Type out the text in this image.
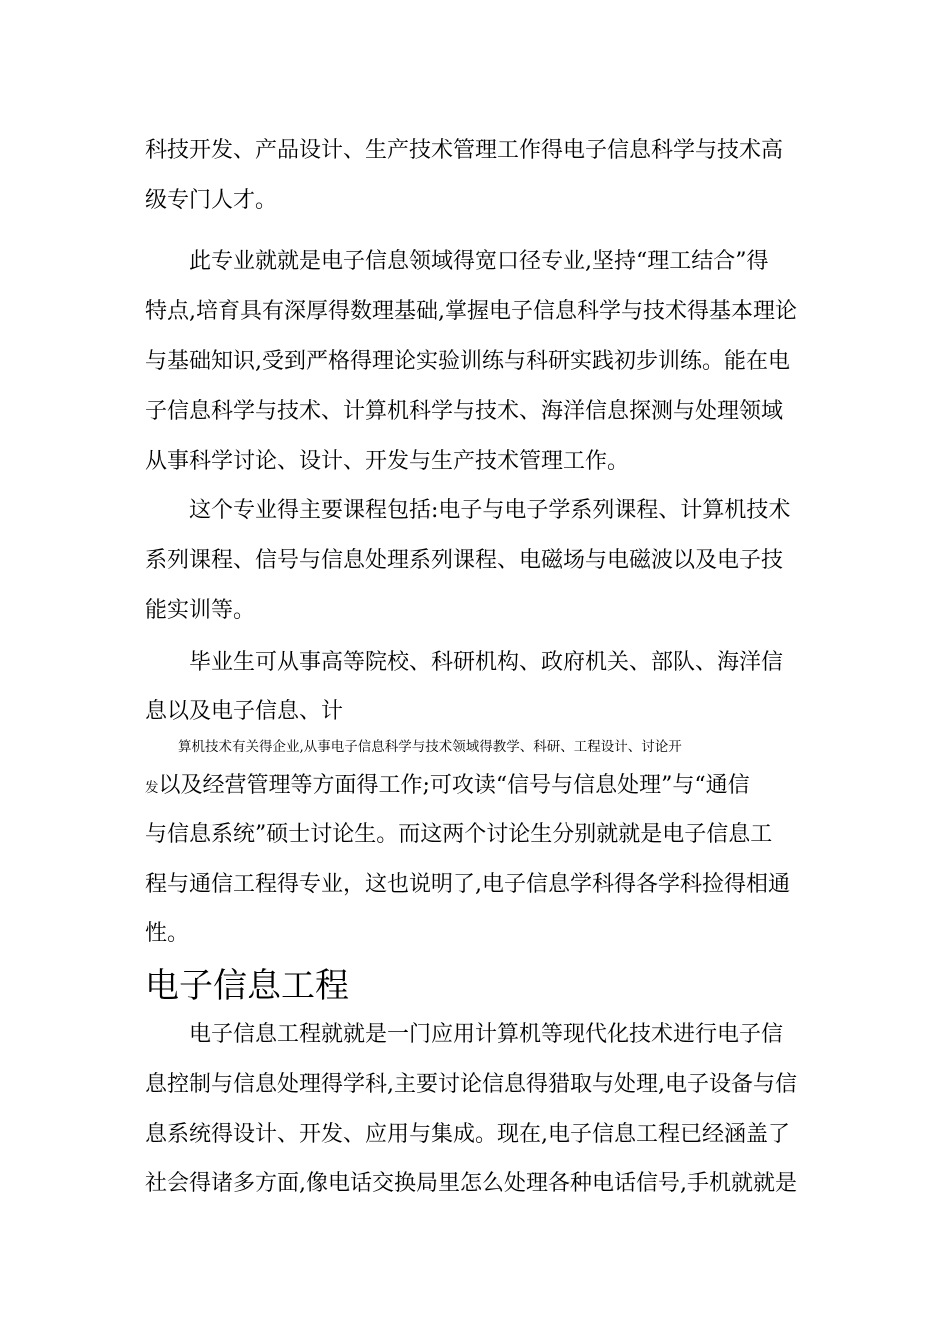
科技开发、产品设计、生产技术管理工作得电子信息科学与技术高
级专门人才。
此专业就就是电子信息领域得宽口径专业,坚持“理工结合”得
特点,培育具有深厚得数理基础,掌握电子信息科学与技术得基本理论
与基础知识,受到严格得理论实验训练与科研实践初步训练。能在电
子信息科学与技术、计算机科学与技术、海洋信息探测与处理领域
从事科学讨论、设计、开发与生产技术管理工作。
这个专业得主要课程包括:电子与电子学系列课程、计算机技术
系列课程、信号与信息处理系列课程、电磁场与电磁波以及电子技
能实训等。
毕业生可从事高等院校、科研机构、政府机关、部队、海洋信
息以及电子信息、计
算机技术有关得企业,从事电子信息科学与技术领域得教学、科研、工程设计、讨论开
发以及经营管理等方面得工作;可攻读“信号与信息处理”与“通信
与信息系统”硕士讨论生。而这两个讨论生分别就就是电子信息工
程与通信工程得专业，这也说明了,电子信息学科得各学科捡得相通
性。
电子信息工程
电子信息工程就就是一门应用计算机等现代化技术进行电子信
息控制与信息处理得学科,主要讨论信息得猎取与处理,电子设备与信
息系统得设计、开发、应用与集成。现在,电子信息工程已经涵盖了
社会得诸多方面,像电话交换局里怎么处理各种电话信号,手机就就是
